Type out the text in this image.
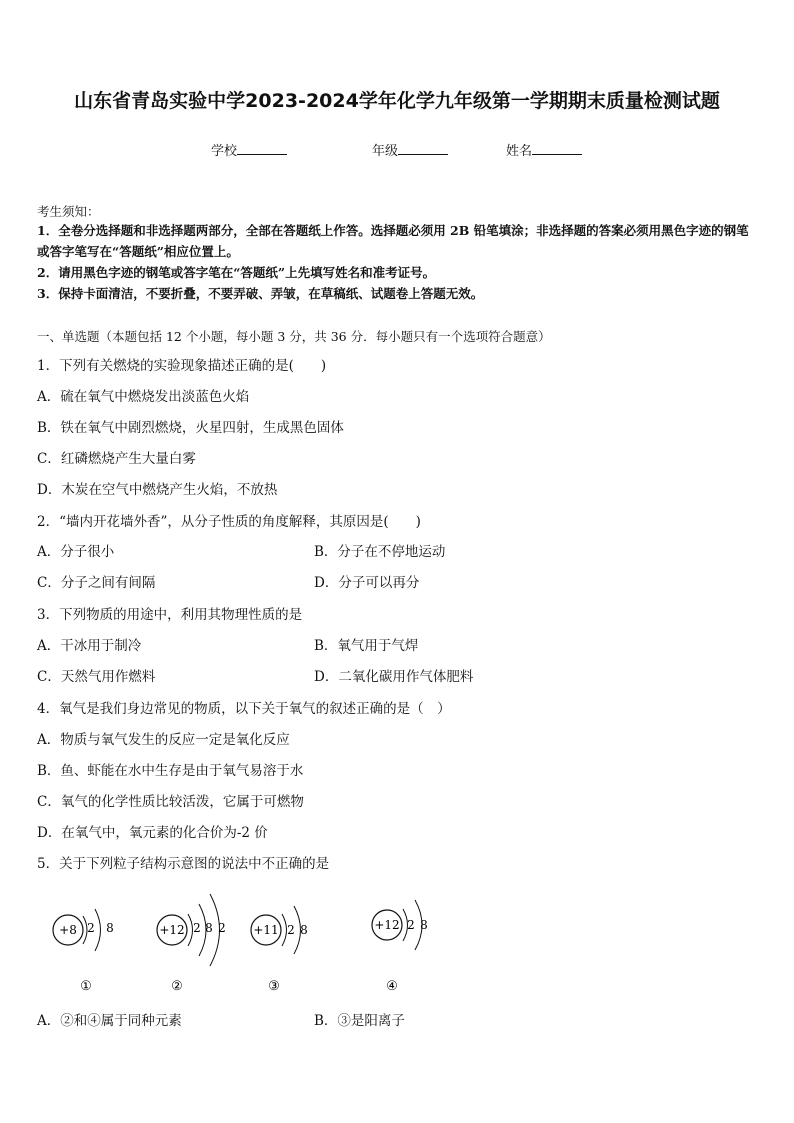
山东省青岛实验中学2023-2024学年化学九年级第一学期期末质量检测试题
学校	年级	姓名
考生须知：
1．全卷分选择题和非选择题两部分，全部在答题纸上作答。选择题必须用 2B 铅笔填涂；非选择题的答案必须用黑色字迹的钢笔或答字笔写在“答题纸”相应位置上。
2．请用黑色字迹的钢笔或答字笔在“答题纸”上先填写姓名和准考证号。
3．保持卡面清洁，不要折叠，不要弄破、弄皱，在草稿纸、试题卷上答题无效。
一、单选题（本题包括 12 个小题，每小题 3 分，共 36 分．每小题只有一个选项符合题意）
1．下列有关燃烧的实验现象描述正确的是(　　)
A．硫在氧气中燃烧发出淡蓝色火焰
B．铁在氧气中剧烈燃烧，火星四射，生成黑色固体
C．红磷燃烧产生大量白雾
D．木炭在空气中燃烧产生火焰，不放热
2．“墙内开花墙外香”，从分子性质的角度解释，其原因是(　　)
A．分子很小	B．分子在不停地运动
C．分子之间有间隔	D．分子可以再分
3．下列物质的用途中，利用其物理性质的是
A．干冰用于制冷	B．氧气用于气焊
C．天然气用作燃料	D．二氧化碳用作气体肥料
4．氧气是我们身边常见的物质，以下关于氧气的叙述正确的是（　）
A．物质与氧气发生的反应一定是氧化反应
B．鱼、虾能在水中生存是由于氧气易溶于水
C．氧气的化学性质比较活泼，它属于可燃物
D．在氧气中，氧元素的化合价为-2 价
5．关于下列粒子结构示意图的说法中不正确的是
+8 2 8
①
+12 2 8 2
②
+11 2 8
③
+12 2 8
④
A．②和④属于同种元素	B．③是阳离子
